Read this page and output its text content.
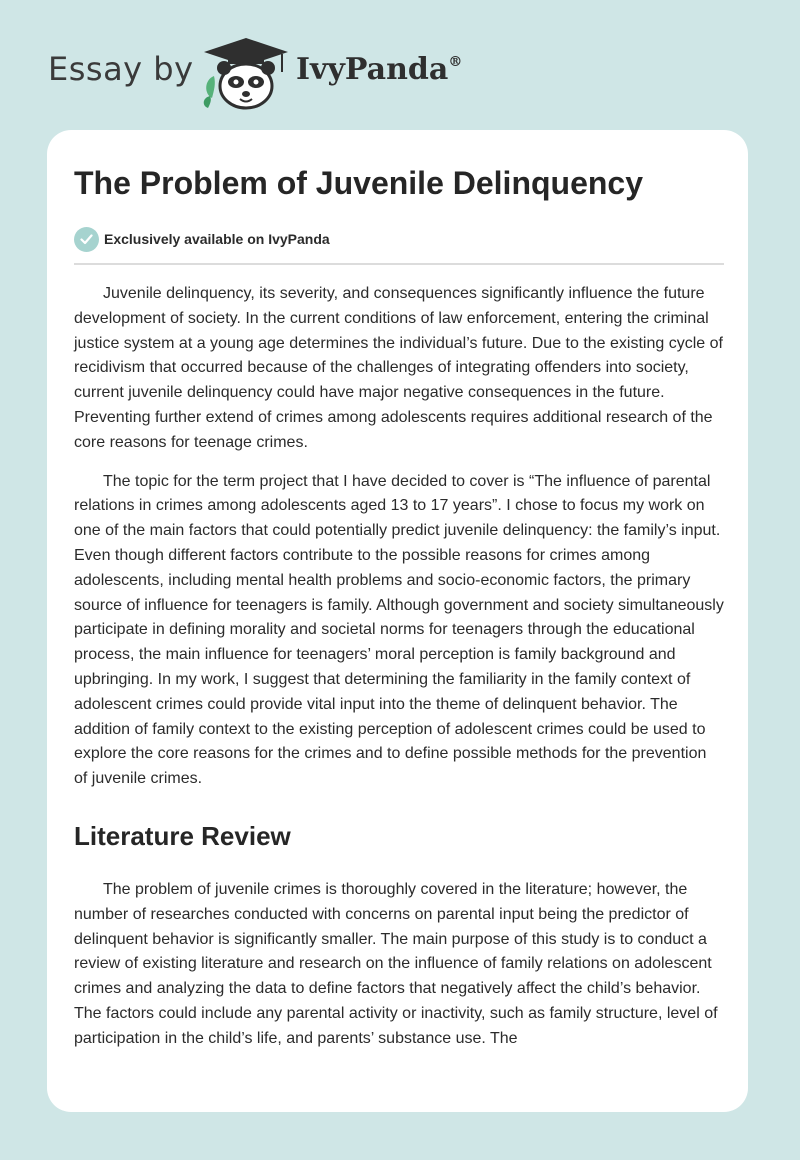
Essay by	IvyPanda®
The Problem of Juvenile Delinquency
Exclusively available on IvyPanda

Juvenile delinquency, its severity, and consequences significantly influence the future development of society. In the current conditions of law enforcement, entering the criminal justice system at a young age determines the individual’s future. Due to the existing cycle of recidivism that occurred because of the challenges of integrating offenders into society, current juvenile delinquency could have major negative consequences in the future. Preventing further extend of crimes among adolescents requires additional research of the core reasons for teenage crimes.

The topic for the term project that I have decided to cover is “The influence of parental relations in crimes among adolescents aged 13 to 17 years”. I chose to focus my work on one of the main factors that could potentially predict juvenile delinquency: the family’s input. Even though different factors contribute to the possible reasons for crimes among adolescents, including mental health problems and socio-economic factors, the primary source of influence for teenagers is family. Although government and society simultaneously participate in defining morality and societal norms for teenagers through the educational process, the main influence for teenagers’ moral perception is family background and upbringing. In my work, I suggest that determining the familiarity in the family context of adolescent crimes could provide vital input into the theme of delinquent behavior. The addition of family context to the existing perception of adolescent crimes could be used to explore the core reasons for the crimes and to define possible methods for the prevention of juvenile crimes.

Literature Review

The problem of juvenile crimes is thoroughly covered in the literature; however, the number of researches conducted with concerns on parental input being the predictor of delinquent behavior is significantly smaller. The main purpose of this study is to conduct a review of existing literature and research on the influence of family relations on adolescent crimes and analyzing the data to define factors that negatively affect the child’s behavior. The factors could include any parental activity or inactivity, such as family structure, level of participation in the child’s life, and parents’ substance use. The
